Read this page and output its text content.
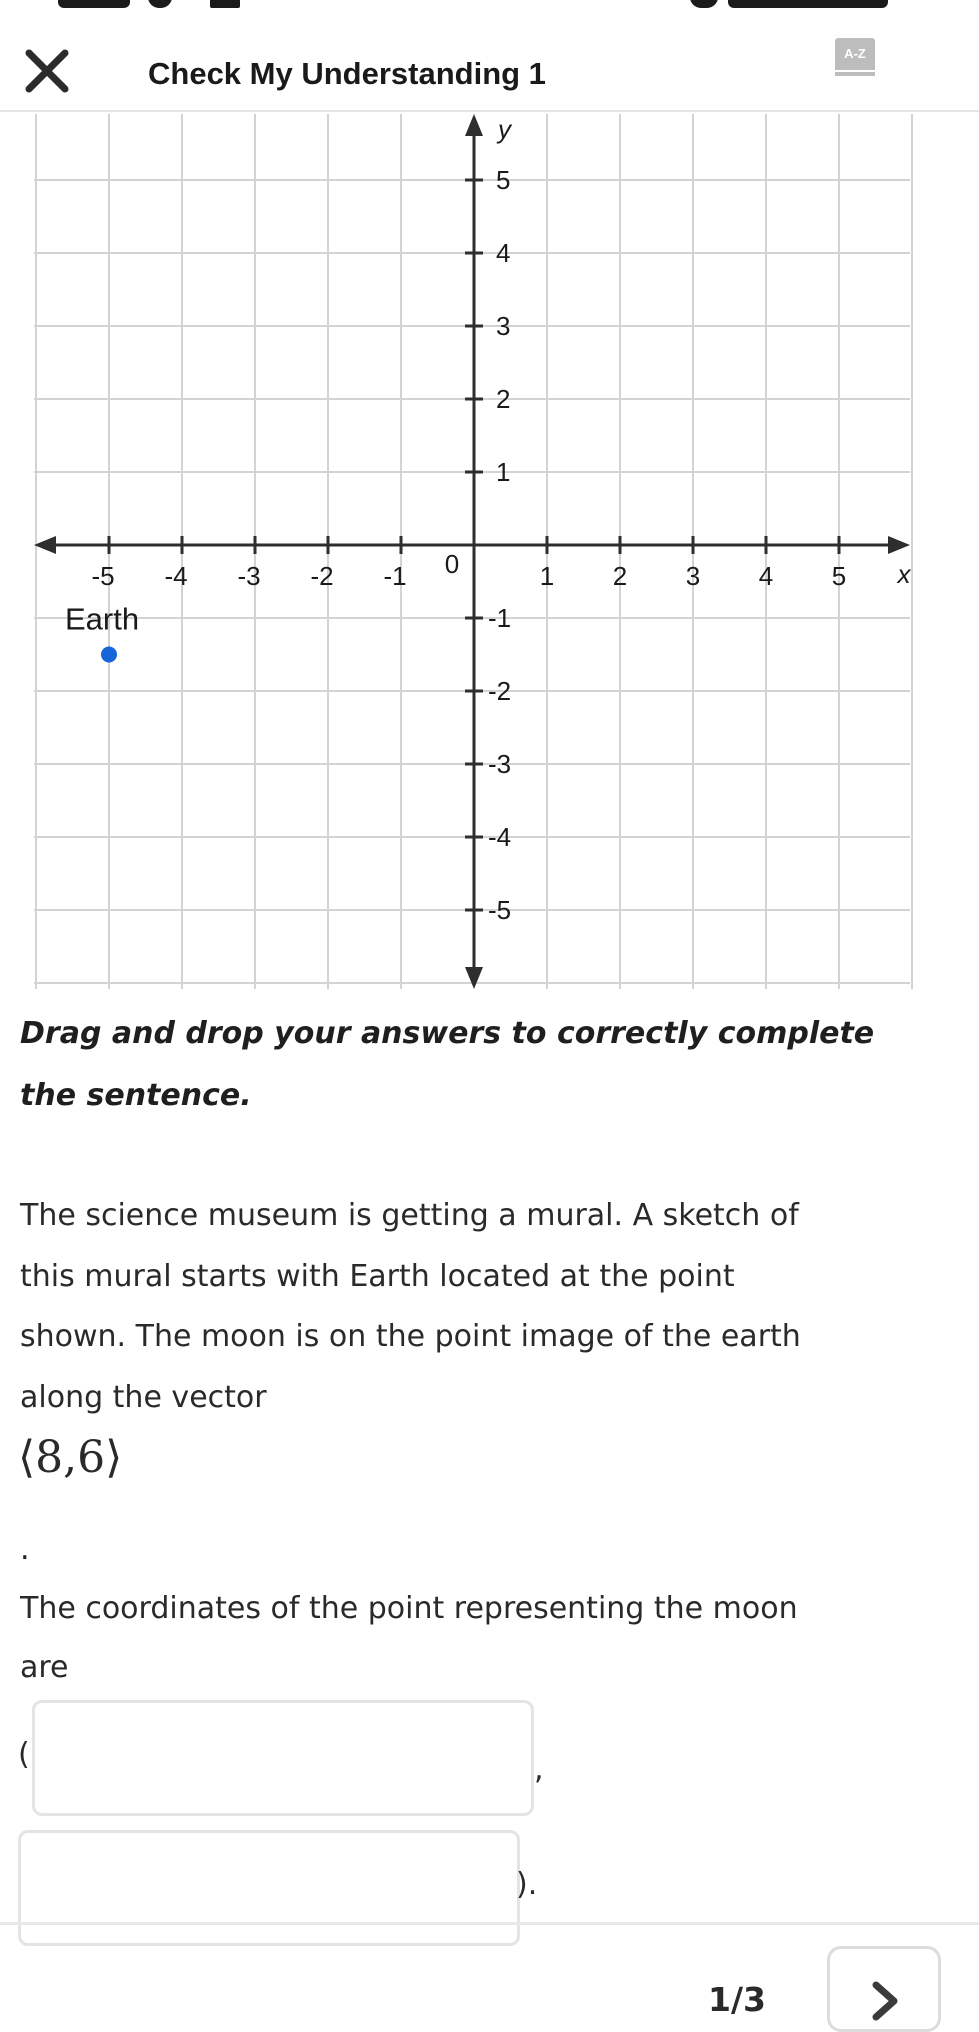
Check My Understanding 1
A-Z
-5 -4 -3 -2 -1	1 2 3 4 5
5
4
3
2
1
-1
-2
-3
-4
-5
0	x
y
Earth
Drag and drop your answers to correctly complete
the sentence.
The science museum is getting a mural. A sketch of
this mural starts with Earth located at the point
shown. The moon is on the point image of the earth
along the vector
⟨8,6⟩
.
The coordinates of the point representing the moon
are
(	,
).
1/3
